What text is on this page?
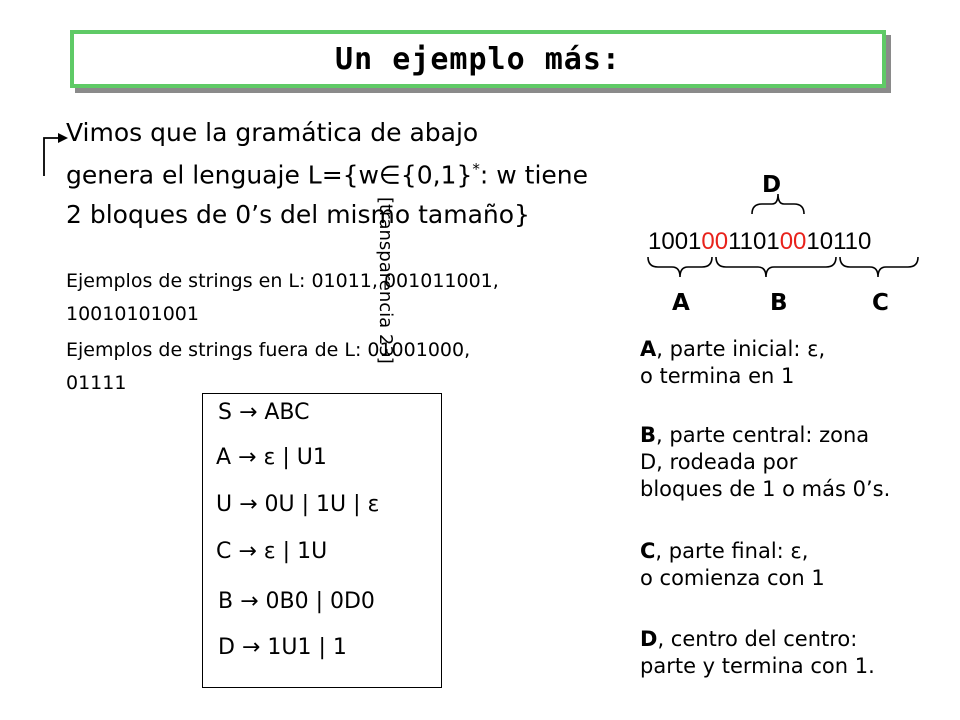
Un ejemplo más:
[transparencia 23]
Vimos que la gramática de abajo
genera el lenguaje L={w∈{0,1}*: w tiene
2 bloques de 0’s del mismo tamaño}
Ejemplos de strings en L: 01011, 001011001,
10010101001
Ejemplos de strings fuera de L: 01001000,
01111
S → ABC
A → ε | U1
U → 0U | 1U | ε
C → ε | 1U
B → 0B0 | 0D0
D → 1U1 | 1
D
10010011010010110
A	B	C
A, parte inicial: ε,
o termina en 1
B, parte central: zona
D, rodeada por
bloques de 1 o más 0’s.
C, parte final: ε,
o comienza con 1
D, centro del centro:
parte y termina con 1.
